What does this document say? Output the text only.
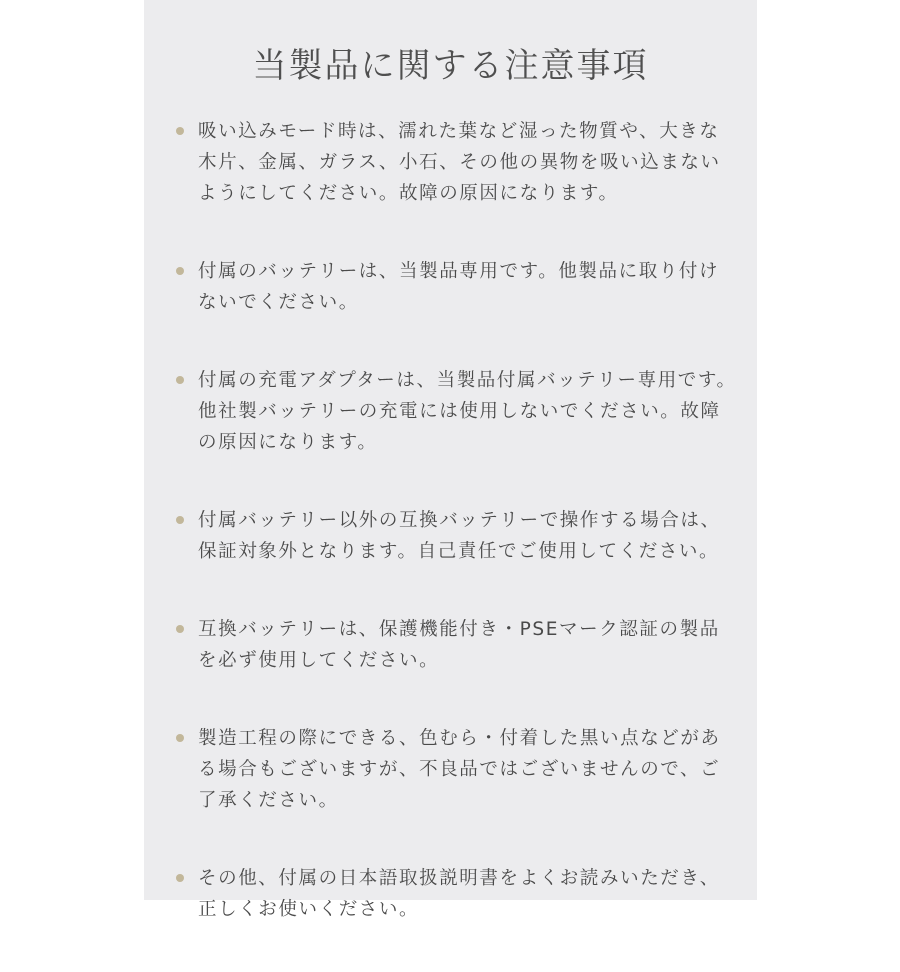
当製品に関する注意事項
吸い込みモード時は、濡れた葉など湿った物質や、大きな木片、金属、ガラス、小石、その他の異物を吸い込まないようにしてください。故障の原因になります。
付属のバッテリーは、当製品専用です。他製品に取り付けないでください。
付属の充電アダプターは、当製品付属バッテリー専用です。他社製バッテリーの充電には使用しないでください。故障の原因になります。
付属バッテリー以外の互換バッテリーで操作する場合は、保証対象外となります。自己責任でご使用してください。
互換バッテリーは、保護機能付き・PSEマーク認証の製品を必ず使用してください。
製造工程の際にできる、色むら・付着した黒い点などがある場合もございますが、不良品ではございませんので、ご了承ください。
その他、付属の日本語取扱説明書をよくお読みいただき、正しくお使いください。
